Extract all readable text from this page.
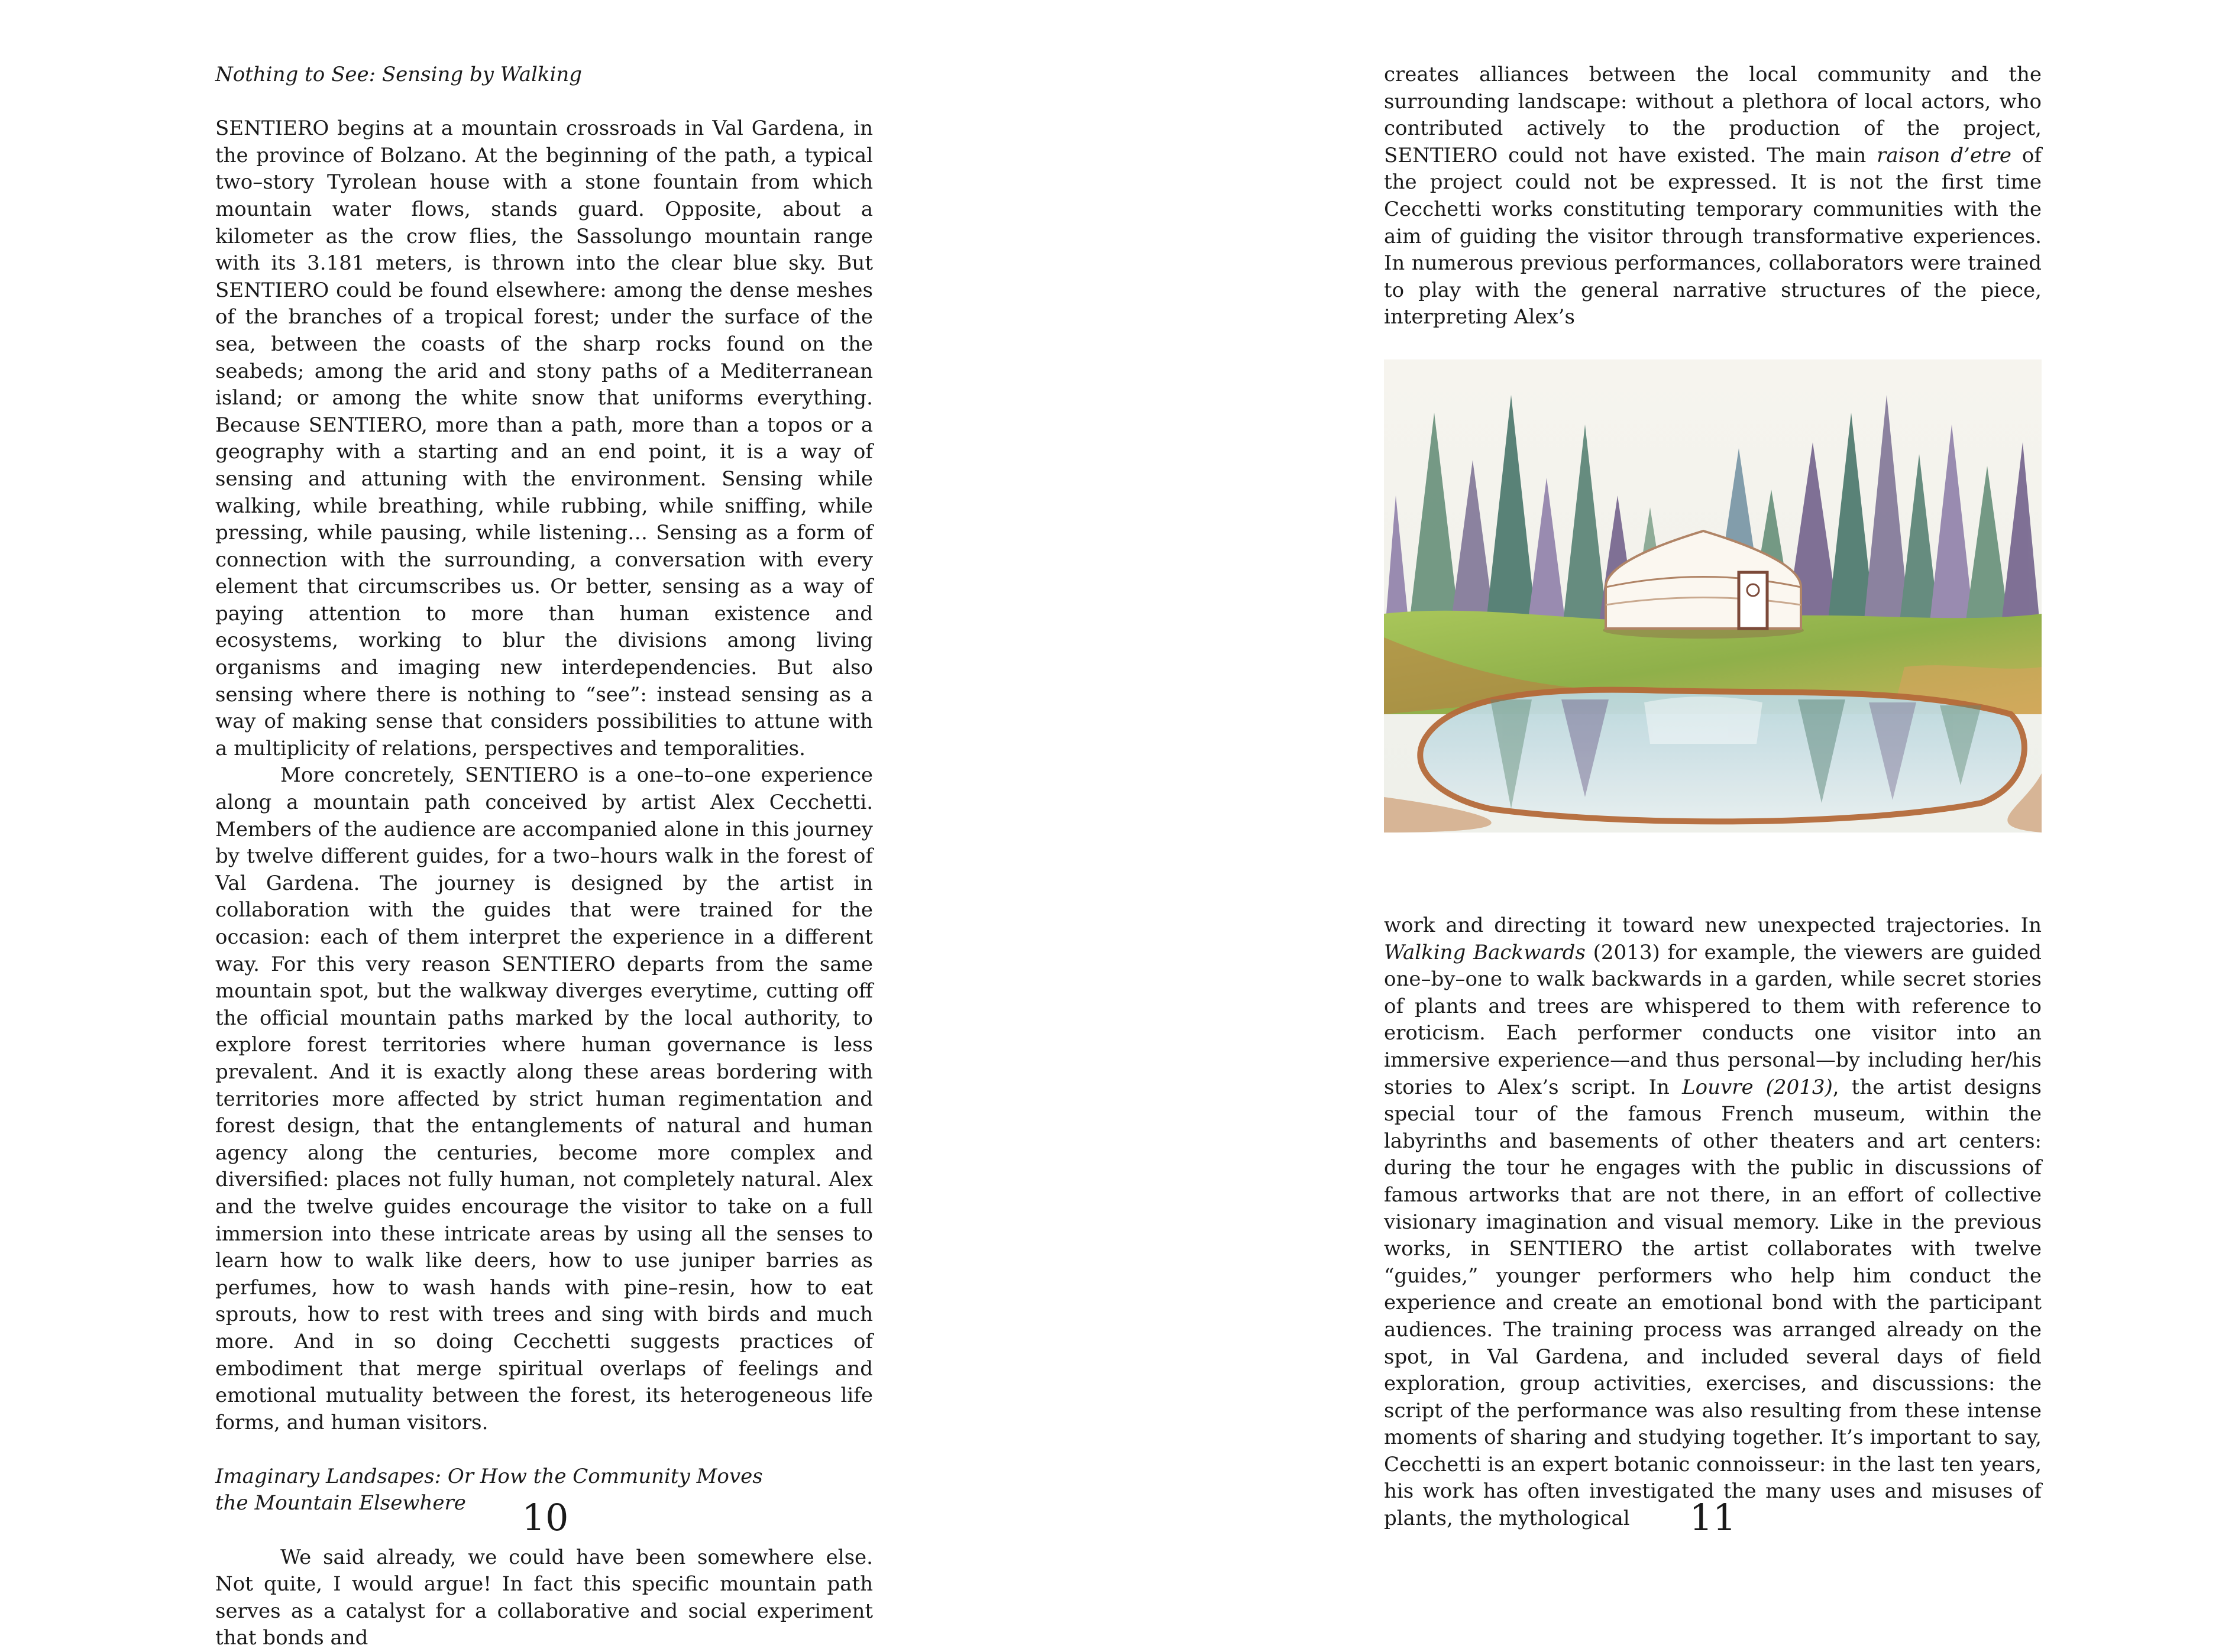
Nothing to See: Sensing by Walking

SENTIERO begins at a mountain crossroads in Val Gardena, in the province of Bolzano. At the beginning of the path, a typical two–story Tyrolean house with a stone fountain from which mountain water flows, stands guard. Opposite, about a kilometer as the crow flies, the Sassolungo mountain range with its 3.181 meters, is thrown into the clear blue sky. But SENTIERO could be found elsewhere: among the dense meshes of the branches of a tropical forest; under the surface of the sea, between the coasts of the sharp rocks found on the seabeds; among the arid and stony paths of a Mediterranean island; or among the white snow that uniforms everything. Because SENTIERO, more than a path, more than a topos or a geography with a starting and an end point, it is a way of sensing and attuning with the environment. Sensing while walking, while breathing, while rubbing, while sniffing, while pressing, while pausing, while listening… Sensing as a form of connection with the surrounding, a conversation with every element that circumscribes us. Or better, sensing as a way of paying attention to more than human existence and ecosystems, working to blur the divisions among living organisms and imaging new interdependencies. But also sensing where there is nothing to “see”: instead sensing as a way of making sense that considers possibilities to attune with a multiplicity of relations, perspectives and temporalities.

More concretely, SENTIERO is a one–to–one experience along a mountain path conceived by artist Alex Cecchetti. Members of the audience are accompanied alone in this journey by twelve different guides, for a two–hours walk in the forest of Val Gardena. The journey is designed by the artist in collaboration with the guides that were trained for the occasion: each of them interpret the experience in a different way. For this very reason SENTIERO departs from the same mountain spot, but the walkway diverges everytime, cutting off the official mountain paths marked by the local authority, to explore forest territories where human governance is less prevalent. And it is exactly along these areas bordering with territories more affected by strict human regimentation and forest design, that the entanglements of natural and human agency along the centuries, become more complex and diversified: places not fully human, not completely natural. Alex and the twelve guides encourage the visitor to take on a full immersion into these intricate areas by using all the senses to learn how to walk like deers, how to use juniper barries as perfumes, how to wash hands with pine–resin, how to eat sprouts, how to rest with trees and sing with birds and much more. And in so doing Cecchetti suggests practices of embodiment that merge spiritual overlaps of feelings and emotional mutuality between the forest, its heterogeneous life forms, and human visitors.

Imaginary Landsapes: Or How the Community Moves
the Mountain Elsewhere

We said already, we could have been somewhere else. Not quite, I would argue! In fact this specific mountain path serves as a catalyst for a collaborative and social experiment that bonds and

10

creates alliances between the local community and the surrounding landscape: without a plethora of local actors, who contributed actively to the production of the project, SENTIERO could not have existed. The main raison d’etre of the project could not be expressed. It is not the first time Cecchetti works constituting temporary communities with the aim of guiding the visitor through transformative experiences. In numerous previous performances, collaborators were trained to play with the general narrative structures of the piece, interpreting Alex’s

work and directing it toward new unexpected trajectories. In Walking Backwards (2013) for example, the viewers are guided one–by–one to walk backwards in a garden, while secret stories of plants and trees are whispered to them with reference to eroticism. Each performer conducts one visitor into an immersive experience—and thus personal—by including her/his stories to Alex’s script. In Louvre (2013), the artist designs special tour of the famous French museum, within the labyrinths and basements of other theaters and art centers: during the tour he engages with the public in discussions of famous artworks that are not there, in an effort of collective visionary imagination and visual memory. Like in the previous works, in SENTIERO the artist collaborates with twelve “guides,” younger performers who help him conduct the experience and create an emotional bond with the participant audiences. The training process was arranged already on the spot, in Val Gardena, and included several days of field exploration, group activities, exercises, and discussions: the script of the performance was also resulting from these intense moments of sharing and studying together. It’s important to say, Cecchetti is an expert botanic connoisseur: in the last ten years, his work has often investigated the many uses and misuses of plants, the mythological	11
